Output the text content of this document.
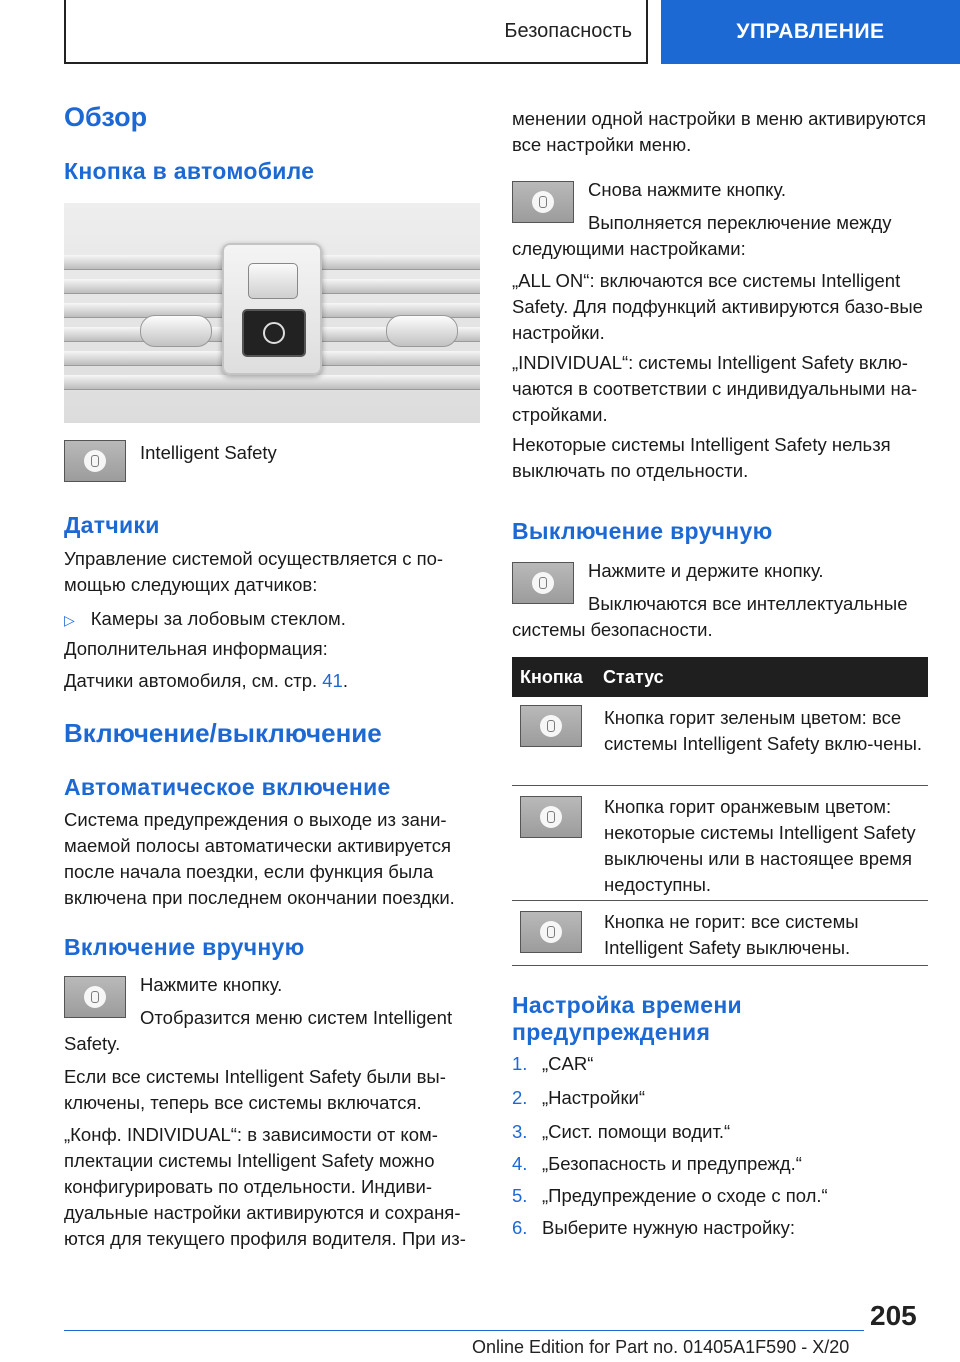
Безопасность	УПРАВЛЕНИЕ
Обзор
Кнопка в автомобиле

Intelligent Safety

Датчики

Управление системой осуществляется с по-мощью следующих датчиков:

▷ Камеры за лобовым стеклом.

Дополнительная информация:

Датчики автомобиля, см. стр. 41.

Включение/выключение
Автоматическое включение

Система предупреждения о выходе из зани-маемой полосы автоматически активируется после начала поездки, если функция была включена при последнем окончании поездки.

Включение вручную

Нажмите кнопку.

Отобразится меню систем Intelligent

Safety.

Если все системы Intelligent Safety были вы-ключены, теперь все системы включатся.

„Конф. INDIVIDUAL“: в зависимости от ком-плектации системы Intelligent Safety можно конфигурировать по отдельности. Индиви-дуальные настройки активируются и сохраня-ются для текущего профиля водителя. При из-

менении одной настройки в меню активируются все настройки меню.

Снова нажмите кнопку.

Выполняется переключение между

следующими настройками:

„ALL ON“: включаются все системы Intelligent Safety. Для подфункций активируются базо-вые настройки.

„INDIVIDUAL“: системы Intelligent Safety вклю-чаются в соответствии с индивидуальными на-стройками.

Некоторые системы Intelligent Safety нельзя выключать по отдельности.

Выключение вручную

Нажмите и держите кнопку.

Выключаются все интеллектуальные

системы безопасности.

Кнопка	Статус
Кнопка горит зеленым цветом: все системы Intelligent Safety вклю-чены.
Кнопка горит оранжевым цветом: некоторые системы Intelligent Safety выключены или в настоящее время недоступны.
Кнопка не горит: все системы Intelligent Safety выключены.
Настройка времени
предупреждения
1. „CAR“
2. „Настройки“
3. „Сист. помощи водит.“
4. „Безопасность и предупрежд.“
5. „Предупреждение о сходе с пол.“
6. Выберите нужную настройку:
205
Online Edition for Part no. 01405A1F590 - X/20
